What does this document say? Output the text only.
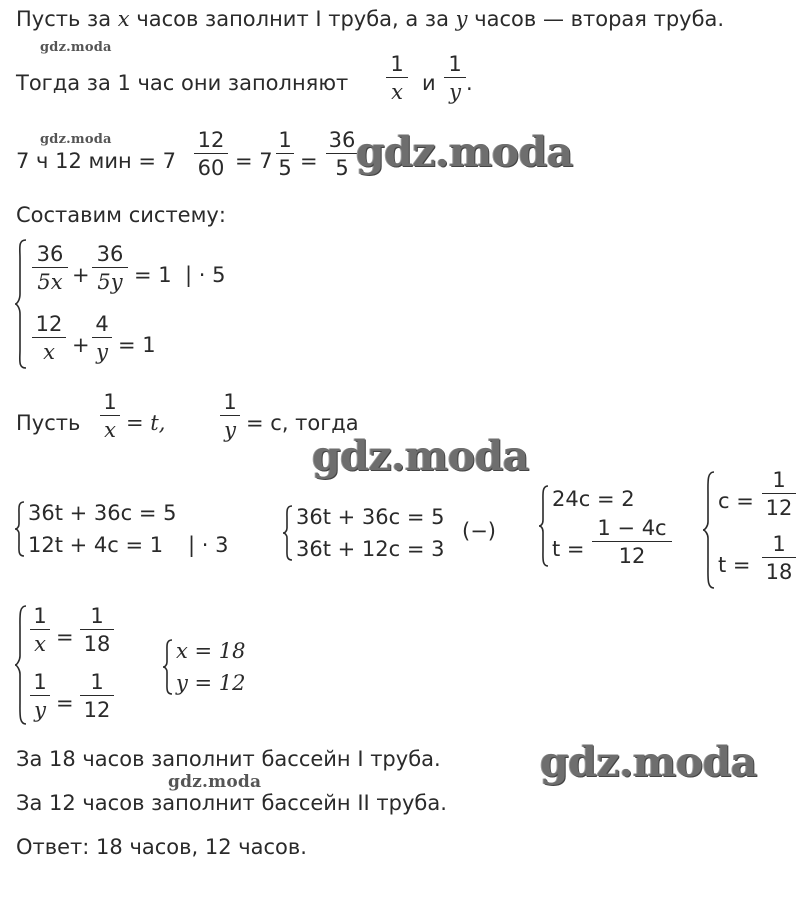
Пусть за x часов заполнит I труба, а за y часов — вторая труба.
gdz.moda
Тогда за 1 час они заполняют
1
x и
1
y .
gdz.moda
7 ч 12 мин = 7
12
60 = 7
1
5 =
36
5 gdz.moda
Составим систему:
36
5x +
36
5y = 1  | · 5
12
x +
4
y = 1
Пусть
1
x = t,
1
y = c, тогда
gdz.moda
36t + 36c = 5
12t + 4c = 1 | · 3
36t + 36c = 5
36t + 12c = 3
(−)
24c = 2
t =
1 − 4c
12
c =
1
12
t =
1
18
1
x =
1
18
1
y =
1
12
x = 18
y = 12
За 18 часов заполнит бассейн I труба. gdz.moda
gdz.moda
За 12 часов заполнит бассейн II труба.
Ответ: 18 часов, 12 часов.
